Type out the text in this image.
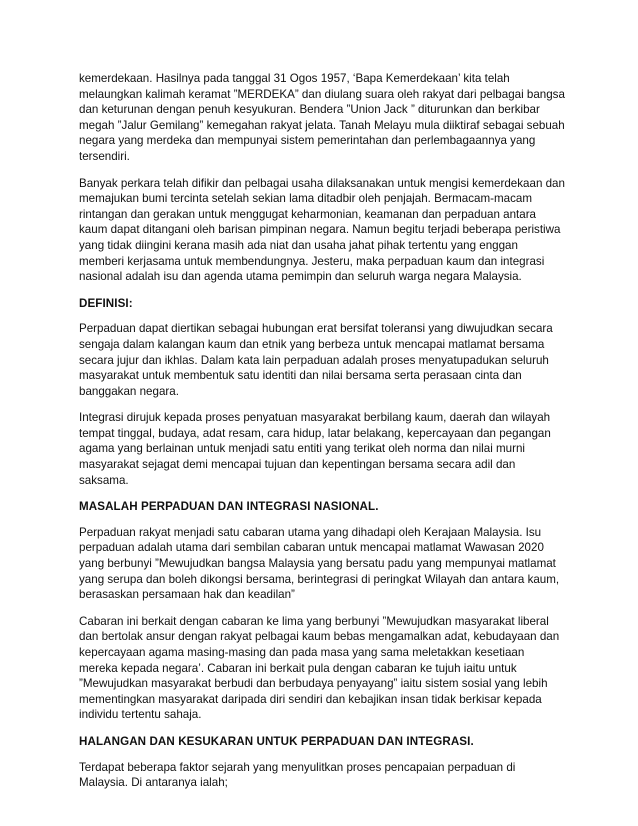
kemerdekaan. Hasilnya pada tanggal 31 Ogos 1957, ‘Bapa Kemerdekaan’ kita telah melaungkan kalimah keramat ”MERDEKA” dan diulang suara oleh rakyat dari pelbagai bangsa dan keturunan dengan penuh kesyukuran. Bendera ”Union Jack ” diturunkan dan berkibar megah ”Jalur Gemilang” kemegahan rakyat jelata. Tanah Melayu mula diiktiraf sebagai sebuah negara yang merdeka dan mempunyai sistem pemerintahan dan perlembagaannya yang tersendiri.

Banyak perkara telah difikir dan pelbagai usaha dilaksanakan untuk mengisi kemerdekaan dan memajukan bumi tercinta setelah sekian lama ditadbir oleh penjajah. Bermacam-macam rintangan dan gerakan untuk menggugat keharmonian, keamanan dan perpaduan antara kaum dapat ditangani oleh barisan pimpinan negara. Namun begitu terjadi beberapa peristiwa yang tidak diingini kerana masih ada niat dan usaha jahat pihak tertentu yang enggan memberi kerjasama untuk membendungnya. Jesteru, maka perpaduan kaum dan integrasi nasional adalah isu dan agenda utama pemimpin dan seluruh warga negara Malaysia.

DEFINISI:

Perpaduan dapat diertikan sebagai hubungan erat bersifat toleransi yang diwujudkan secara sengaja dalam kalangan kaum dan etnik yang berbeza untuk mencapai matlamat bersama secara jujur dan ikhlas. Dalam kata lain perpaduan adalah proses menyatupadukan seluruh masyarakat untuk membentuk satu identiti dan nilai bersama serta perasaan cinta dan banggakan negara.

Integrasi dirujuk kepada proses penyatuan masyarakat berbilang kaum, daerah dan wilayah tempat tinggal, budaya, adat resam, cara hidup, latar belakang, kepercayaan dan pegangan agama yang berlainan untuk menjadi satu entiti yang terikat oleh norma dan nilai murni masyarakat sejagat demi mencapai tujuan dan kepentingan bersama secara adil dan saksama.

MASALAH PERPADUAN DAN INTEGRASI NASIONAL.

Perpaduan rakyat menjadi satu cabaran utama yang dihadapi oleh Kerajaan Malaysia. Isu perpaduan adalah utama dari sembilan cabaran untuk mencapai matlamat Wawasan 2020 yang berbunyi ”Mewujudkan bangsa Malaysia yang bersatu padu yang mempunyai matlamat yang serupa dan boleh dikongsi bersama, berintegrasi di peringkat Wilayah dan antara kaum, berasaskan persamaan hak dan keadilan”

Cabaran ini berkait dengan cabaran ke lima yang berbunyi ”Mewujudkan masyarakat liberal dan bertolak ansur dengan rakyat pelbagai kaum bebas mengamalkan adat, kebudayaan dan kepercayaan agama masing-masing dan pada masa yang sama meletakkan kesetiaan mereka kepada negara’. Cabaran ini berkait pula dengan cabaran ke tujuh iaitu untuk ”Mewujudkan masyarakat berbudi dan berbudaya penyayang” iaitu sistem sosial yang lebih mementingkan masyarakat daripada diri sendiri dan kebajikan insan tidak berkisar kepada individu tertentu sahaja.

HALANGAN DAN KESUKARAN UNTUK PERPADUAN DAN INTEGRASI.

Terdapat beberapa faktor sejarah yang menyulitkan proses pencapaian perpaduan di Malaysia. Di antaranya ialah;
